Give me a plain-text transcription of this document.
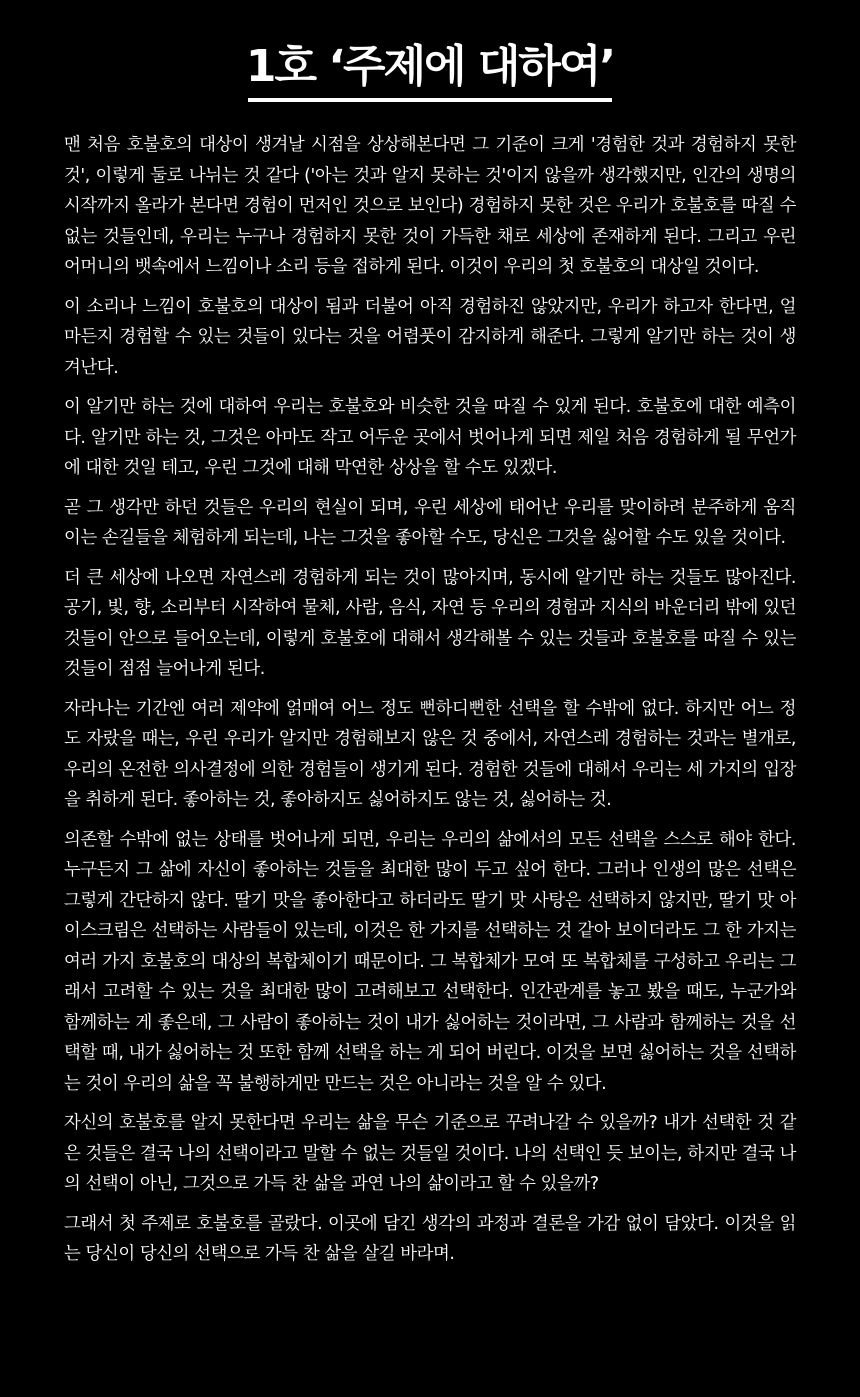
1호 ‘주제에 대하여’

맨 처음 호불호의 대상이 생겨날 시점을 상상해본다면 그 기준이 크게 '경험한 것과 경험하지 못한 것', 이렇게 둘로 나뉘는 것 같다 ('아는 것과 알지 못하는 것'이지 않을까 생각했지만, 인간의 생명의 시작까지 올라가 본다면 경험이 먼저인 것으로 보인다) 경험하지 못한 것은 우리가 호불호를 따질 수 없는 것들인데, 우리는 누구나 경험하지 못한 것이 가득한 채로 세상에 존재하게 된다. 그리고 우린 어머니의 뱃속에서 느낌이나 소리 등을 접하게 된다. 이것이 우리의 첫 호불호의 대상일 것이다.

이 소리나 느낌이 호불호의 대상이 됨과 더불어 아직 경험하진 않았지만, 우리가 하고자 한다면, 얼마든지 경험할 수 있는 것들이 있다는 것을 어렴풋이 감지하게 해준다. 그렇게 알기만 하는 것이 생겨난다.

이 알기만 하는 것에 대하여 우리는 호불호와 비슷한 것을 따질 수 있게 된다. 호불호에 대한 예측이다. 알기만 하는 것, 그것은 아마도 작고 어두운 곳에서 벗어나게 되면 제일 처음 경험하게 될 무언가에 대한 것일 테고, 우린 그것에 대해 막연한 상상을 할 수도 있겠다.

곧 그 생각만 하던 것들은 우리의 현실이 되며, 우린 세상에 태어난 우리를 맞이하려 분주하게 움직이는 손길들을 체험하게 되는데, 나는 그것을 좋아할 수도, 당신은 그것을 싫어할 수도 있을 것이다.

더 큰 세상에 나오면 자연스레 경험하게 되는 것이 많아지며, 동시에 알기만 하는 것들도 많아진다. 공기, 빛, 향, 소리부터 시작하여 물체, 사람, 음식, 자연 등 우리의 경험과 지식의 바운더리 밖에 있던 것들이 안으로 들어오는데, 이렇게 호불호에 대해서 생각해볼 수 있는 것들과 호불호를 따질 수 있는 것들이 점점 늘어나게 된다.

자라나는 기간엔 여러 제약에 얽매여 어느 정도 뻔하디뻔한 선택을 할 수밖에 없다. 하지만 어느 정도 자랐을 때는, 우린 우리가 알지만 경험해보지 않은 것 중에서, 자연스레 경험하는 것과는 별개로, 우리의 온전한 의사결정에 의한 경험들이 생기게 된다. 경험한 것들에 대해서 우리는 세 가지의 입장을 취하게 된다. 좋아하는 것, 좋아하지도 싫어하지도 않는 것, 싫어하는 것.

의존할 수밖에 없는 상태를 벗어나게 되면, 우리는 우리의 삶에서의 모든 선택을 스스로 해야 한다. 누구든지 그 삶에 자신이 좋아하는 것들을 최대한 많이 두고 싶어 한다. 그러나 인생의 많은 선택은 그렇게 간단하지 않다. 딸기 맛을 좋아한다고 하더라도 딸기 맛 사탕은 선택하지 않지만, 딸기 맛 아이스크림은 선택하는 사람들이 있는데, 이것은 한 가지를 선택하는 것 같아 보이더라도 그 한 가지는 여러 가지 호불호의 대상의 복합체이기 때문이다. 그 복합체가 모여 또 복합체를 구성하고 우리는 그래서 고려할 수 있는 것을 최대한 많이 고려해보고 선택한다. 인간관계를 놓고 봤을 때도, 누군가와 함께하는 게 좋은데, 그 사람이 좋아하는 것이 내가 싫어하는 것이라면, 그 사람과 함께하는 것을 선택할 때, 내가 싫어하는 것 또한 함께 선택을 하는 게 되어 버린다. 이것을 보면 싫어하는 것을 선택하는 것이 우리의 삶을 꼭 불행하게만 만드는 것은 아니라는 것을 알 수 있다.

자신의 호불호를 알지 못한다면 우리는 삶을 무슨 기준으로 꾸려나갈 수 있을까? 내가 선택한 것 같은 것들은 결국 나의 선택이라고 말할 수 없는 것들일 것이다. 나의 선택인 듯 보이는, 하지만 결국 나의 선택이 아닌, 그것으로 가득 찬 삶을 과연 나의 삶이라고 할 수 있을까?

그래서 첫 주제로 호불호를 골랐다. 이곳에 담긴 생각의 과정과 결론을 가감 없이 담았다. 이것을 읽는 당신이 당신의 선택으로 가득 찬 삶을 살길 바라며.
